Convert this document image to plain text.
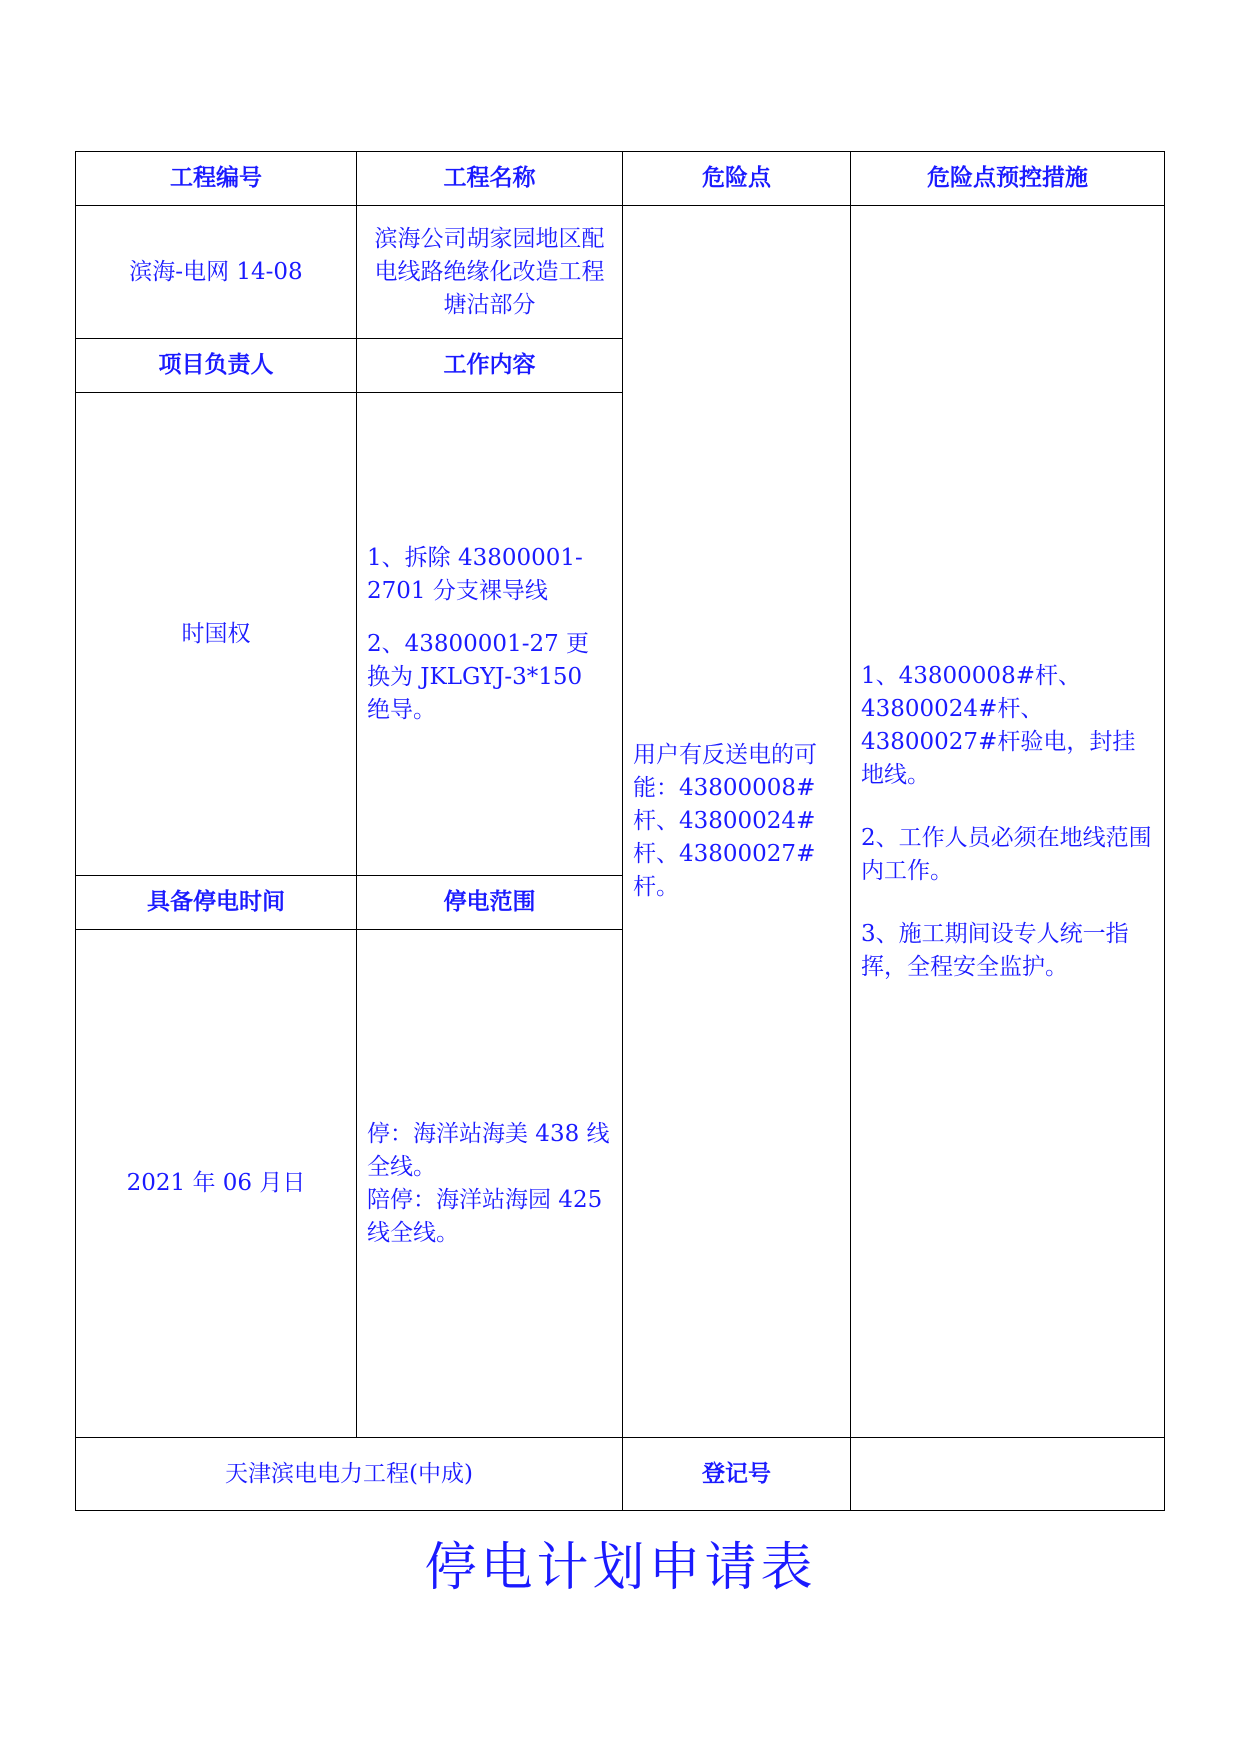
工程编号	工程名称	危险点	危险点预控措施
滨海-电网 14-08	滨海公司胡家园地区配电线路绝缘化改造工程塘沽部分	用户有反送电的可能：43800008#杆、43800024#杆、43800027#杆。	1、43800008#杆、43800024#杆、43800027#杆验电，封挂地线。
2、工作人员必须在地线范围内工作。
3、施工期间设专人统一指挥，全程安全监护。

项目负责人	工作内容		
时国权	1、拆除 43800001-2701 分支裸导线
2、43800001-27 更换为 JKLGYJ-3*150 绝导。		

具备停电时间	停电范围		
2021 年 06 月日	停：海洋站海美 438 线全线。
陪停：海洋站海园 425 线全线。		

天津滨电电力工程(中成)		登记号	
停电计划申请表
